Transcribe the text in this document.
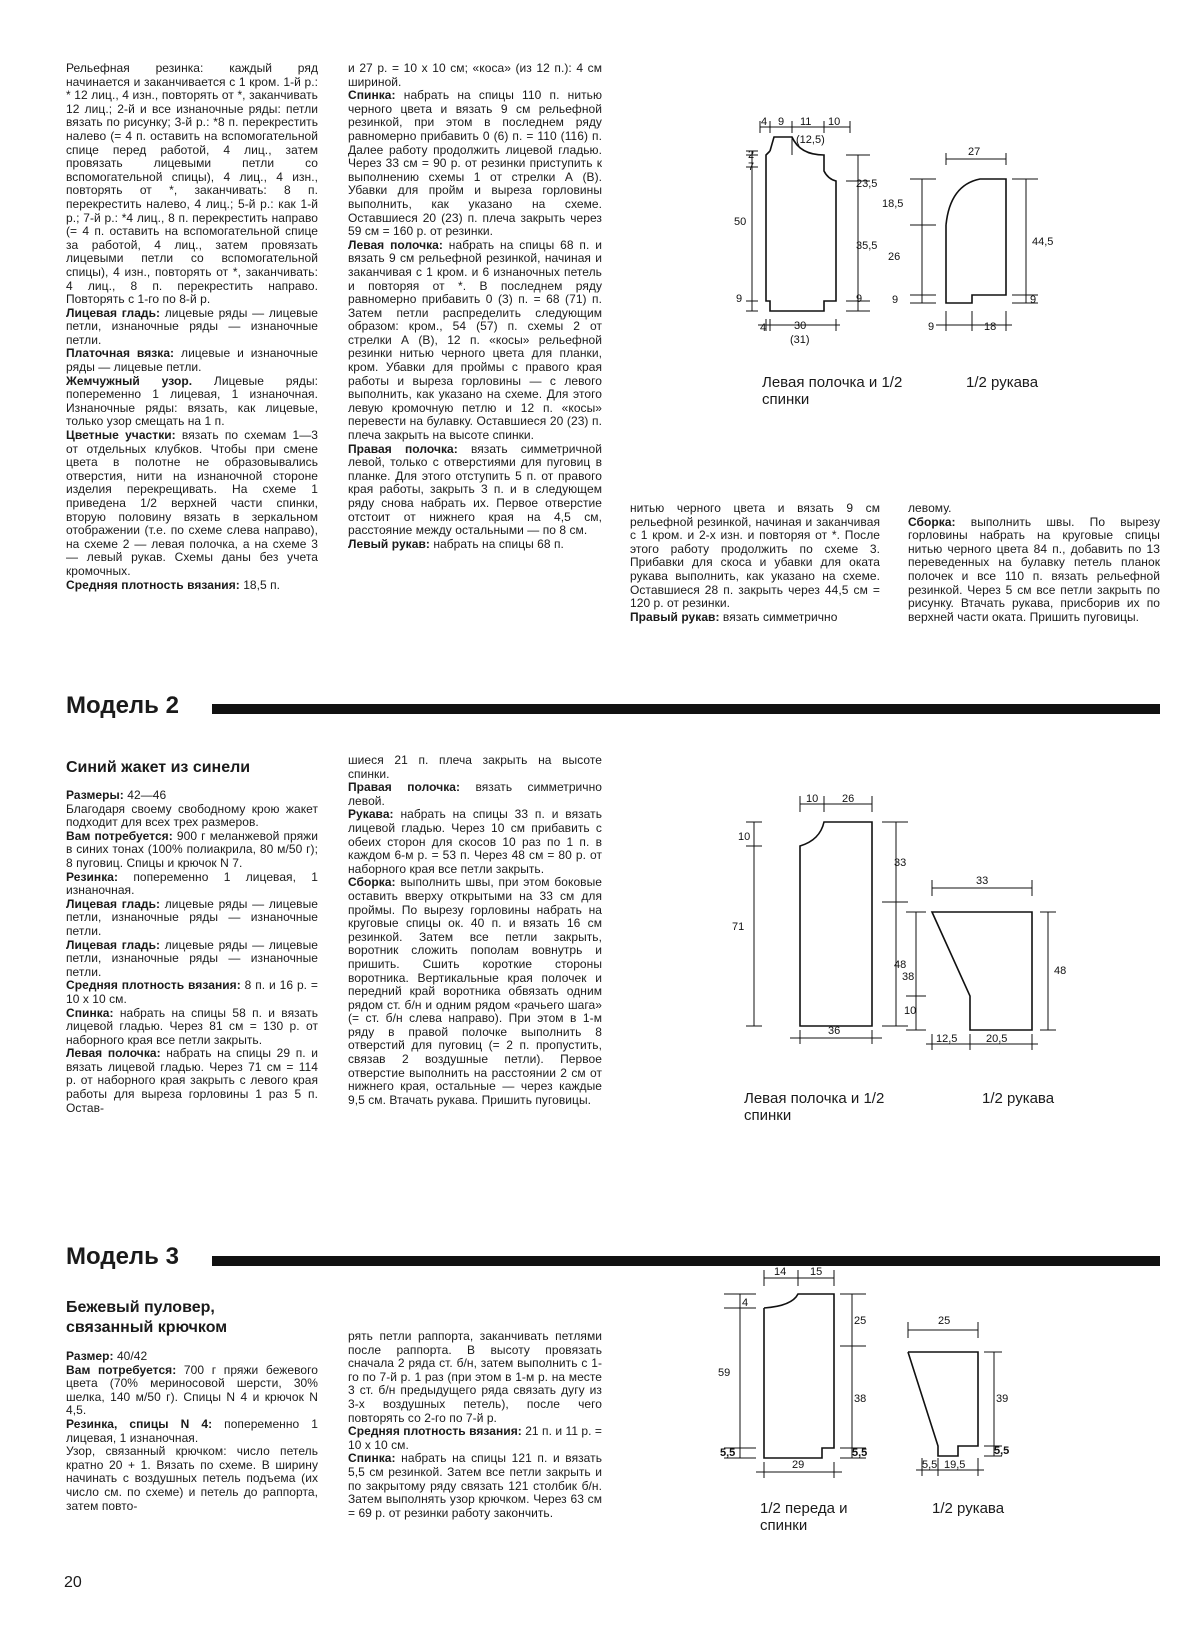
Рельефная резинка: каждый ряд начинается и заканчивается с 1 кром. 1-й р.: * 12 лиц., 4 изн., повторять от *, заканчивать 12 лиц.; 2-й и все изнаночные ряды: петли вязать по рисунку; 3-й р.: *8 п. перекрестить налево (= 4 п. оставить на вспомогательной спице перед работой, 4 лиц., затем провязать лицевыми петли со вспомогательной спицы), 4 лиц., 4 изн., повторять от *, заканчивать: 8 п. перекрестить налево, 4 лиц.; 5-й р.: как 1-й р.; 7-й р.: *4 лиц., 8 п. перекрестить направо (= 4 п. оставить на вспомогательной спице за работой, 4 лиц., затем провязать лицевыми петли со вспомогательной спицы), 4 изн., повторять от *, заканчивать: 4 лиц., 8 п. перекрестить направо. Повторять с 1-го по 8-й р.

Лицевая гладь: лицевые ряды — лицевые петли, изнаночные ряды — изнаночные петли.

Платочная вязка: лицевые и изнаночные ряды — лицевые петли.

Жемчужный узор. Лицевые ряды: попеременно 1 лицевая, 1 изнаночная. Изнаночные ряды: вязать, как лицевые, только узор смещать на 1 п.

Цветные участки: вязать по схемам 1—3 от отдельных клубков. Чтобы при смене цвета в полотне не образовывались отверстия, нити на изнаночной стороне изделия перекрещивать. На схеме 1 приведена 1/2 верхней части спинки, вторую половину вязать в зеркальном отображении (т.е. по схеме слева направо), на схеме 2 — левая полочка, а на схеме 3 — левый рукав. Схемы даны без учета кромочных.

Средняя плотность вязания: 18,5 п.

и 27 р. = 10 х 10 см; «коса» (из 12 п.): 4 см шириной.

Спинка: набрать на спицы 110 п. нитью черного цвета и вязать 9 см рельефной резинкой, при этом в последнем ряду равномерно прибавить 0 (6) п. = 110 (116) п. Далее работу продолжить лицевой гладью. Через 33 см = 90 р. от резинки приступить к выполнению схемы 1 от стрелки А (В). Убавки для пройм и выреза горловины выполнить, как указано на схеме. Оставшиеся 20 (23) п. плеча закрыть через 59 см = 160 р. от резинки.

Левая полочка: набрать на спицы 68 п. и вязать 9 см рельефной резинкой, начиная и заканчивая с 1 кром. и 6 изнаночных петель и повторяя от *. В последнем ряду равномерно прибавить 0 (3) п. = 68 (71) п. Затем петли распределить следующим образом: кром., 54 (57) п. схемы 2 от стрелки А (В), 12 п. «косы» рельефной резинки нитью черного цвета для планки, кром. Убавки для проймы с правого края работы и выреза горловины — с левого выполнить, как указано на схеме. Для этого левую кромочную петлю и 12 п. «косы» перевести на булавку. Оставшиеся 20 (23) п. плеча закрыть на высоте спинки.

Правая полочка: вязать симметричной левой, только с отверстиями для пуговиц в планке. Для этого отступить 5 п. от правого края работы, закрыть 3 п. и в следующем ряду снова набрать их. Первое отверстие отстоит от нижнего края на 4,5 см, расстояние между остальными — по 8 см.

Левый рукав: набрать на спицы 68 п.

нитью черного цвета и вязать 9 см рельефной резинкой, начиная и заканчивая с 1 кром. и 2-х изн. и повторяя от *. После этого работу продолжить по схеме 3. Прибавки для скоса и убавки для оката рукава выполнить, как указано на схеме. Оставшиеся 28 п. закрыть через 44,5 см = 120 р. от резинки.

Правый рукав: вязать симметрично

левому.

Сборка: выполнить швы. По вырезу горловины набрать на круговые спицы нитью черного цвета 84 п., добавить по 13 переведенных на булавку петель планок полочек и все 110 п. вязать рельефной резинкой. Через 5 см все петли закрыть по рисунку. Втачать рукава, присборив их по верхней части оката. Пришить пуговицы.

4 9 11 10
(12,5)
2
7
50
9
23,5
35,5
9
4	30
(31)
27
18,5
26
9
44,5
9
9	18
Левая полочка и 1/2 спинки
1/2 рукава
Модель 2
Синий жакет из синели

Размеры: 42—46

Благодаря своему свободному крою жакет подходит для всех трех размеров.

Вам потребуется: 900 г меланжевой пряжи в синих тонах (100% полиакрила, 80 м/50 г); 8 пуговиц. Спицы и крючок N 7.

Резинка: попеременно 1 лицевая, 1 изнаночная.

Лицевая гладь: лицевые ряды — лицевые петли, изнаночные ряды — изнаночные петли.

Лицевая гладь: лицевые ряды — лицевые петли, изнаночные ряды — изнаночные петли.

Средняя плотность вязания: 8 п. и 16 р. = 10 х 10 см.

Спинка: набрать на спицы 58 п. и вязать лицевой гладью. Через 81 см = 130 р. от наборного края все петли закрыть.

Левая полочка: набрать на спицы 29 п. и вязать лицевой гладью. Через 71 см = 114 р. от наборного края закрыть с левого края работы для выреза горловины 1 раз 5 п. Остав-

шиеся 21 п. плеча закрыть на высоте спинки.

Правая полочка: вязать симметрично левой.

Рукава: набрать на спицы 33 п. и вязать лицевой гладью. Через 10 см прибавить с обеих сторон для скосов 10 раз по 1 п. в каждом 6-м р. = 53 п. Через 48 см = 80 р. от наборного края все петли закрыть.

Сборка: выполнить швы, при этом боковые оставить вверху открытыми на 33 см для проймы. По вырезу горловины набрать на круговые спицы ок. 40 п. и вязать 16 см резинкой. Затем все петли закрыть, воротник сложить пополам вовнутрь и пришить. Сшить короткие стороны воротника. Вертикальные края полочек и передний край воротника обвязать одним рядом ст. б/н и одним рядом «рачьего шага» (= ст. б/н слева направо). При этом в 1-м ряду в правой полочке выполнить 8 отверстий для пуговиц (= 2 п. пропустить, связав 2 воздушные петли). Первое отверстие выполнить на расстоянии 2 см от нижнего края, остальные — через каждые 9,5 см. Втачать рукава. Пришить пуговицы.

10 26
10
71
33
48
36
33
38
10
48
12,5	20,5
Левая полочка и 1/2 спинки
1/2 рукава
Модель 3
Бежевый пуловер, связанный крючком

Размер: 40/42

Вам потребуется: 700 г пряжи бежевого цвета (70% мериносовой шерсти, 30% шелка, 140 м/50 г). Спицы N 4 и крючок N 4,5.

Резинка, спицы N 4: попеременно 1 лицевая, 1 изнаночная.

Узор, связанный крючком: число петель кратно 20 + 1. Вязать по схеме. В ширину начинать с воздушных петель подъема (их число см. по схеме) и петель до раппорта, затем повто-

рять петли раппорта, заканчивать петлями после раппорта. В высоту провязать сначала 2 ряда ст. б/н, затем выполнить с 1-го по 7-й р. 1 раз (при этом в 1-м р. на месте 3 ст. б/н предыдущего ряда связать дугу из 3-х воздушных петель), после чего повторять со 2-го по 7-й р.

Средняя плотность вязания: 21 п. и 11 р. = 10 х 10 см.

Спинка: набрать на спицы 121 п. и вязать 5,5 см резинкой. Затем все петли закрыть и по закрытому ряду связать 121 столбик б/н. Затем выполнять узор крючком. Через 63 см = 69 р. от резинки работу закончить.

14 15
4
59
5,5
25
38
5,5
29
25
39
5,5
5,5 19,5
1/2 переда и спинки
1/2 рукава
20
